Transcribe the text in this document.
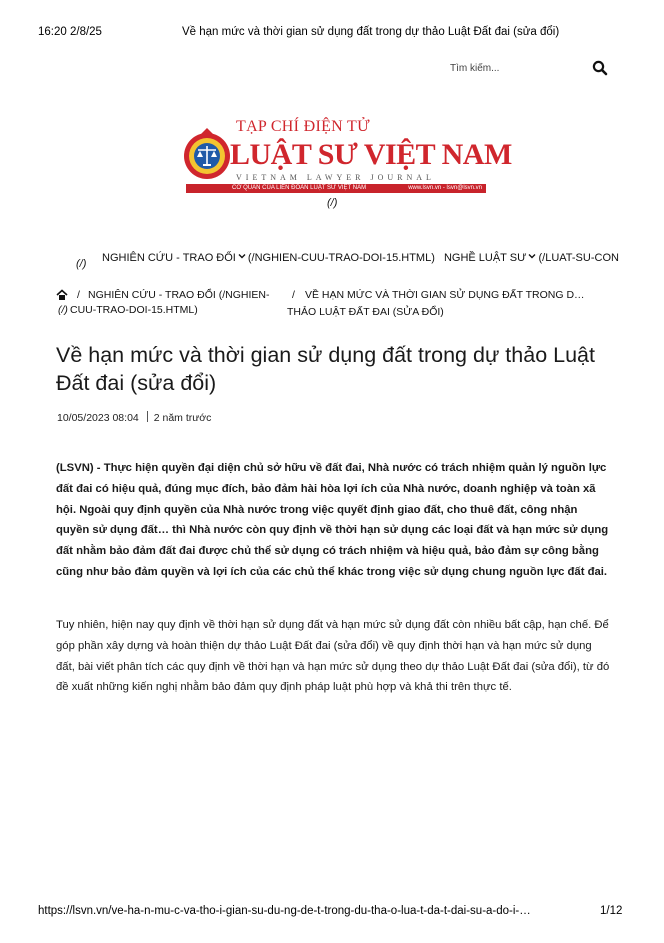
16:20 2/8/25	Về hạn mức và thời gian sử dụng đất trong dự thảo Luật Đất đai (sửa đổi)
Tìm kiếm...
TẠP CHÍ ĐIỆN TỬ
LUẬT SƯ VIỆT NAM
VIETNAM LAWYER JOURNAL
CƠ QUAN CỦA LIÊN ĐOÀN LUẬT SƯ VIỆT NAM	www.lsvn.vn - lsvn@lsvn.vn
(/)
(/) NGHIÊN CỨU - TRAO ĐỔI (/NGHIEN-CUU-TRAO-DOI-15.HTML) NGHỀ LUẬT SƯ (/LUAT-SU-CON
/ NGHIÊN CỨU - TRAO ĐỔI (/NGHIEN-
(/) CUU-TRAO-DOI-15.HTML)
/ VỀ HẠN MỨC VÀ THỜI GIAN SỬ DỤNG ĐẤT TRONG D…
THẢO LUẬT ĐẤT ĐAI (SỬA ĐỔI)
Về hạn mức và thời gian sử dụng đất trong dự thảo Luật Đất đai (sửa đổi)
10/05/2023 08:04 2 năm trước

(LSVN) - Thực hiện quyền đại diện chủ sở hữu về đất đai, Nhà nước có trách nhiệm quản lý nguồn lực đất đai có hiệu quả, đúng mục đích, bảo đảm hài hòa lợi ích của Nhà nước, doanh nghiệp và toàn xã hội. Ngoài quy định quyền của Nhà nước trong việc quyết định giao đất, cho thuê đất, công nhận quyền sử dụng đất… thì Nhà nước còn quy định về thời hạn sử dụng các loại đất và hạn mức sử dụng đất nhằm bảo đảm đất đai được chủ thể sử dụng có trách nhiệm và hiệu quả, bảo đảm sự công bằng cũng như bảo đảm quyền và lợi ích của các chủ thể khác trong việc sử dụng chung nguồn lực đất đai.

Tuy nhiên, hiện nay quy định về thời hạn sử dụng đất và hạn mức sử dụng đất còn nhiều bất cập, hạn chế. Để góp phần xây dựng và hoàn thiện dự thảo Luật Đất đai (sửa đổi) về quy định thời hạn và hạn mức sử dụng đất, bài viết phân tích các quy định về thời hạn và hạn mức sử dụng theo dự thảo Luật Đất đai (sửa đổi), từ đó đề xuất những kiến nghị nhằm bảo đảm quy định pháp luật phù hợp và khả thi trên thực tế.

https://lsvn.vn/ve-ha-n-mu-c-va-tho-i-gian-su-du-ng-de-t-trong-du-tha-o-lua-t-da-t-dai-su-a-do-i-…	1/12
